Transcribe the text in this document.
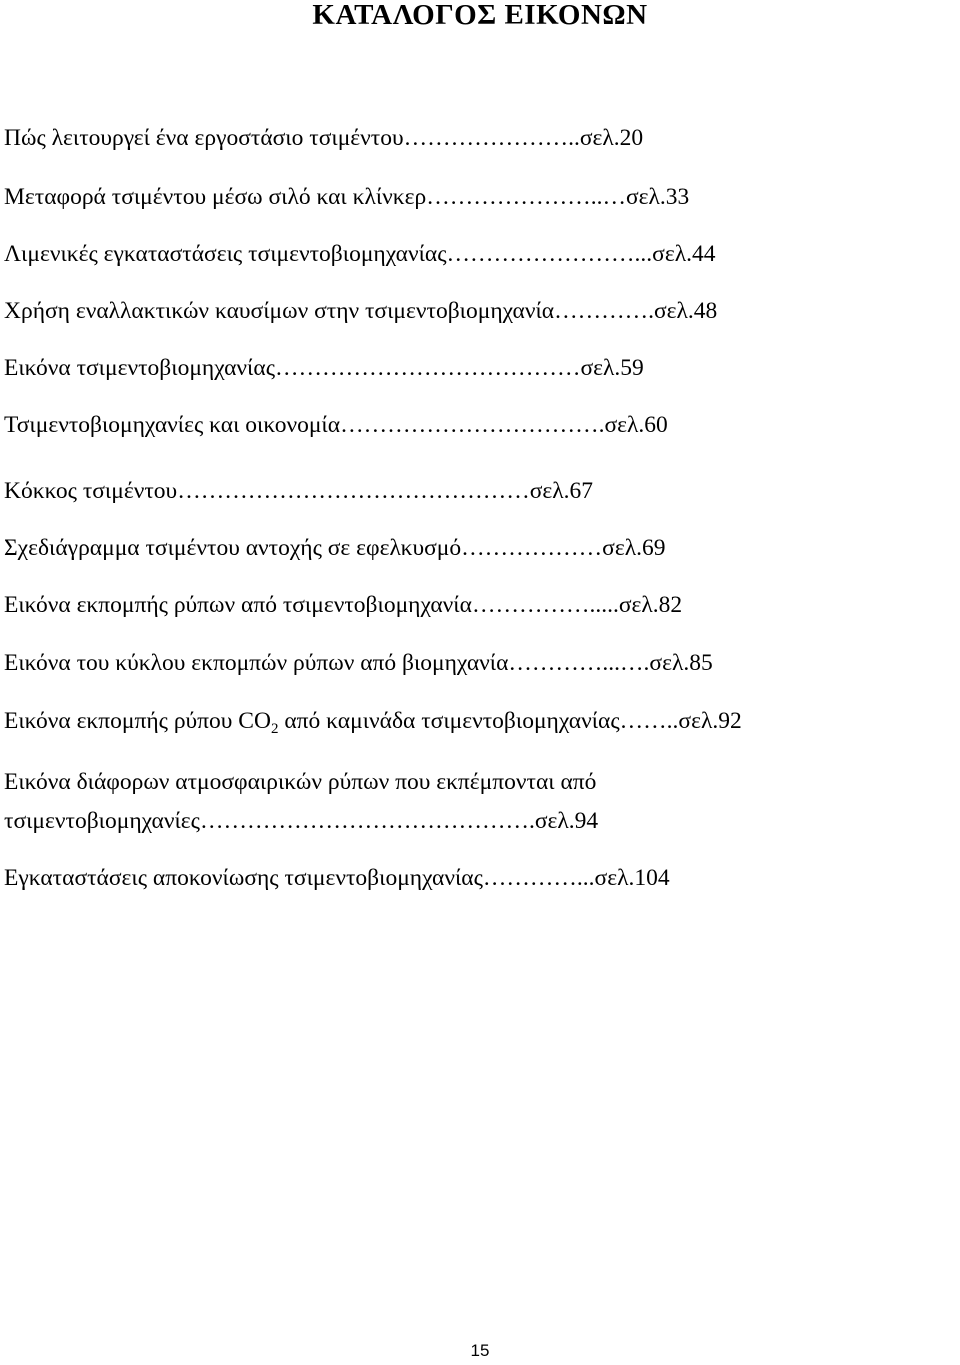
ΚΑΤΑΛΟΓΟΣ ΕΙΚΟΝΩΝ
Πώς λειτουργεί ένα εργοστάσιο τσιμέντου…………………..σελ.20
Μεταφορά τσιμέντου μέσω σιλό και κλίνκερ…………………..…σελ.33
Λιμενικές εγκαταστάσεις τσιμεντοβιομηχανίας……………………...σελ.44
Χρήση εναλλακτικών καυσίμων στην τσιμεντοβιομηχανία………….σελ.48
Εικόνα τσιμεντοβιομηχανίας…………………………………σελ.59
Τσιμεντοβιομηχανίες και οικονομία…………………………….σελ.60
Κόκκος τσιμέντου………………………………………σελ.67
Σχεδιάγραμμα τσιμέντου αντοχής σε εφελκυσμό………………σελ.69
Εικόνα εκπομπής ρύπων από τσιμεντοβιομηχανία…………….....σελ.82
Εικόνα του κύκλου εκπομπών ρύπων από βιομηχανία…………...….σελ.85
Εικόνα εκπομπής ρύπου $CO_2$ από καμινάδα τσιμεντοβιομηχανίας……..σελ.92
Εικόνα διάφορων ατμοσφαιρικών ρύπων που εκπέμπονται από
τσιμεντοβιομηχανίες…………………………………….σελ.94
Εγκαταστάσεις αποκονίωσης τσιμεντοβιομηχανίας…………...σελ.104
15
